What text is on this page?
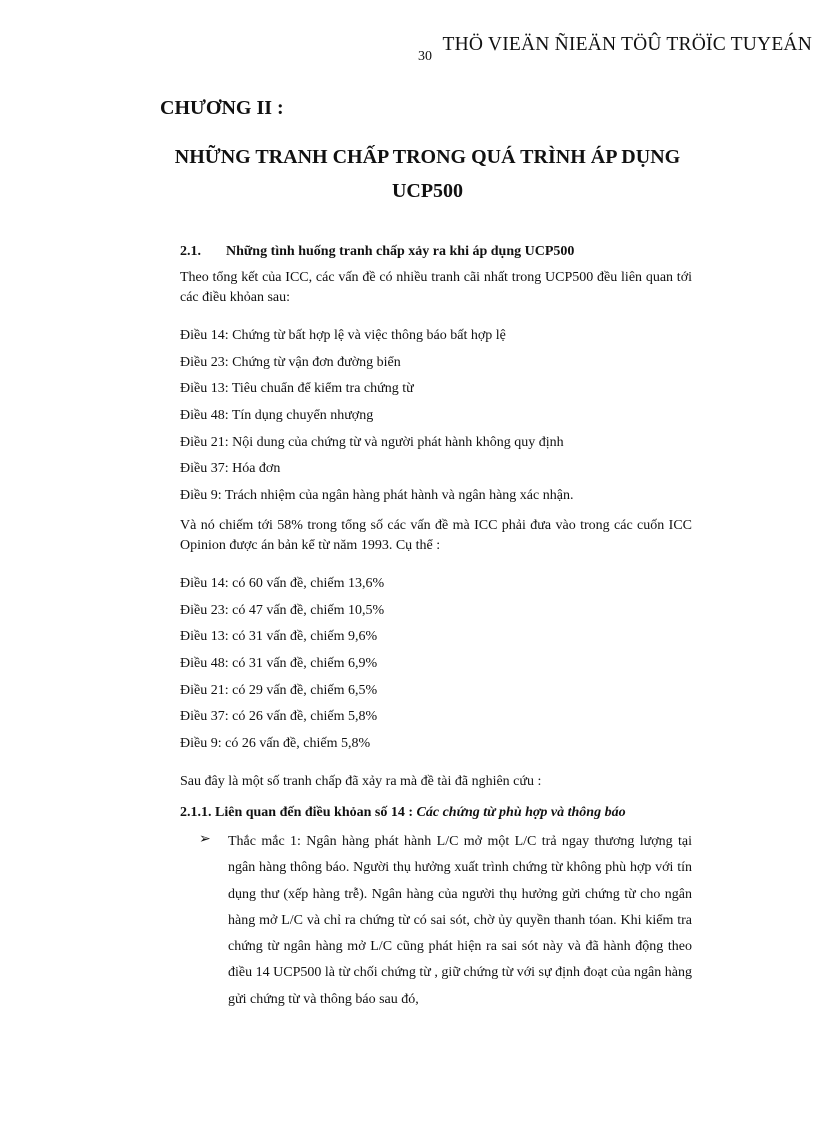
THÖ VIEÄN ÑIEÄN TÖÛ TRÖÏC TUYEÁN
30
CHƯƠNG II :
NHỮNG TRANH CHẤP TRONG QUÁ TRÌNH ÁP DỤNG
UCP500
2.1. Những tình huống tranh chấp xảy ra khi áp dụng UCP500
Theo tổng kết của ICC, các vấn đề có nhiều tranh cãi nhất trong UCP500 đều liên quan tới các điều khỏan sau:
Điều 14: Chứng từ bất hợp lệ và việc thông báo bất hợp lệ
Điều 23: Chứng từ vận đơn đường biển
Điều 13: Tiêu chuẩn để kiểm tra chứng từ
Điều 48: Tín dụng chuyển nhượng
Điều 21: Nội dung của chứng từ và người phát hành không quy định
Điều 37: Hóa đơn
Điều 9: Trách nhiệm của ngân hàng phát hành và ngân hàng xác nhận.
Và nó chiếm tới 58% trong tổng số các vấn đề mà ICC phải đưa vào trong các cuốn ICC Opinion được án bản kể từ năm 1993. Cụ thể :
Điều 14: có 60 vấn đề, chiếm 13,6%
Điều 23: có 47 vấn đề, chiếm 10,5%
Điều 13: có 31 vấn đề, chiếm 9,6%
Điều 48: có 31 vấn đề, chiếm 6,9%
Điều 21: có 29 vấn đề, chiếm 6,5%
Điều 37: có 26 vấn đề, chiếm 5,8%
Điều 9: có 26 vấn đề, chiếm 5,8%
Sau đây là một số tranh chấp đã xảy ra mà đề tài đã nghiên cứu :
2.1.1. Liên quan đến điều khỏan số 14 : Các chứng từ phù hợp và thông báo
➢ Thắc mắc 1: Ngân hàng phát hành L/C mở một L/C trả ngay thương lượng tại ngân hàng thông báo. Người thụ hưởng xuất trình chứng từ không phù hợp với tín dụng thư (xếp hàng trễ). Ngân hàng của người thụ hưởng gửi chứng từ cho ngân hàng mở L/C và chỉ ra chứng từ có sai sót, chờ ủy quyền thanh tóan. Khi kiểm tra chứng từ ngân hàng mở L/C cũng phát hiện ra sai sót này và đã hành động theo điều 14 UCP500 là từ chối chứng từ , giữ chứng từ với sự định đoạt của ngân hàng gửi chứng từ và thông báo sau đó,
